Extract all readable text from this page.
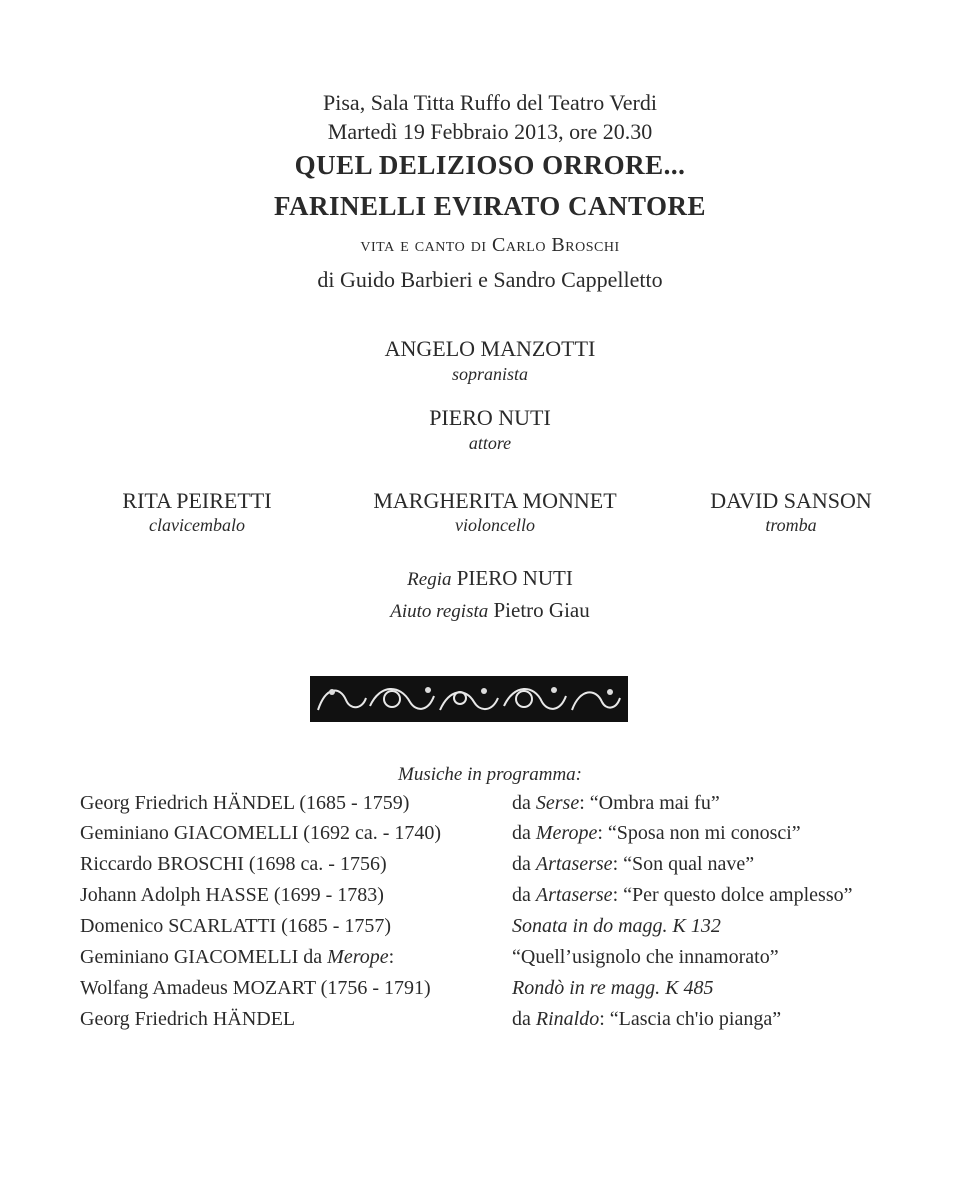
Pisa, Sala Titta Ruffo del Teatro Verdi
Martedì 19 Febbraio 2013, ore 20.30
QUEL DELIZIOSO ORRORE...
FARINELLI EVIRATO CANTORE
vita e canto di Carlo Broschi
di Guido Barbieri e Sandro Cappelletto
ANGELO MANZOTTI
sopranista
PIERO NUTI
attore
RITA PEIRETTI
clavicembalo
MARGHERITA MONNET
violoncello
DAVID SANSON
tromba
Regia PIERO NUTI
Aiuto regista Pietro Giau
Musiche in programma:
Georg Friedrich HÄNDEL (1685 - 1759)	da Serse: “Ombra mai fu”
Geminiano GIACOMELLI (1692 ca. - 1740)	da Merope: “Sposa non mi conosci”
Riccardo BROSCHI (1698 ca. - 1756)	da Artaserse: “Son qual nave”
Johann Adolph HASSE (1699 - 1783)	da Artaserse: “Per questo dolce amplesso”
Domenico SCARLATTI (1685 - 1757)	Sonata in do magg. K 132
Geminiano GIACOMELLI da Merope:	“Quell’usignolo che innamorato”
Wolfang Amadeus MOZART (1756 - 1791)	Rondò in re magg. K 485
Georg Friedrich HÄNDEL	da Rinaldo: “Lascia ch'io pianga”
